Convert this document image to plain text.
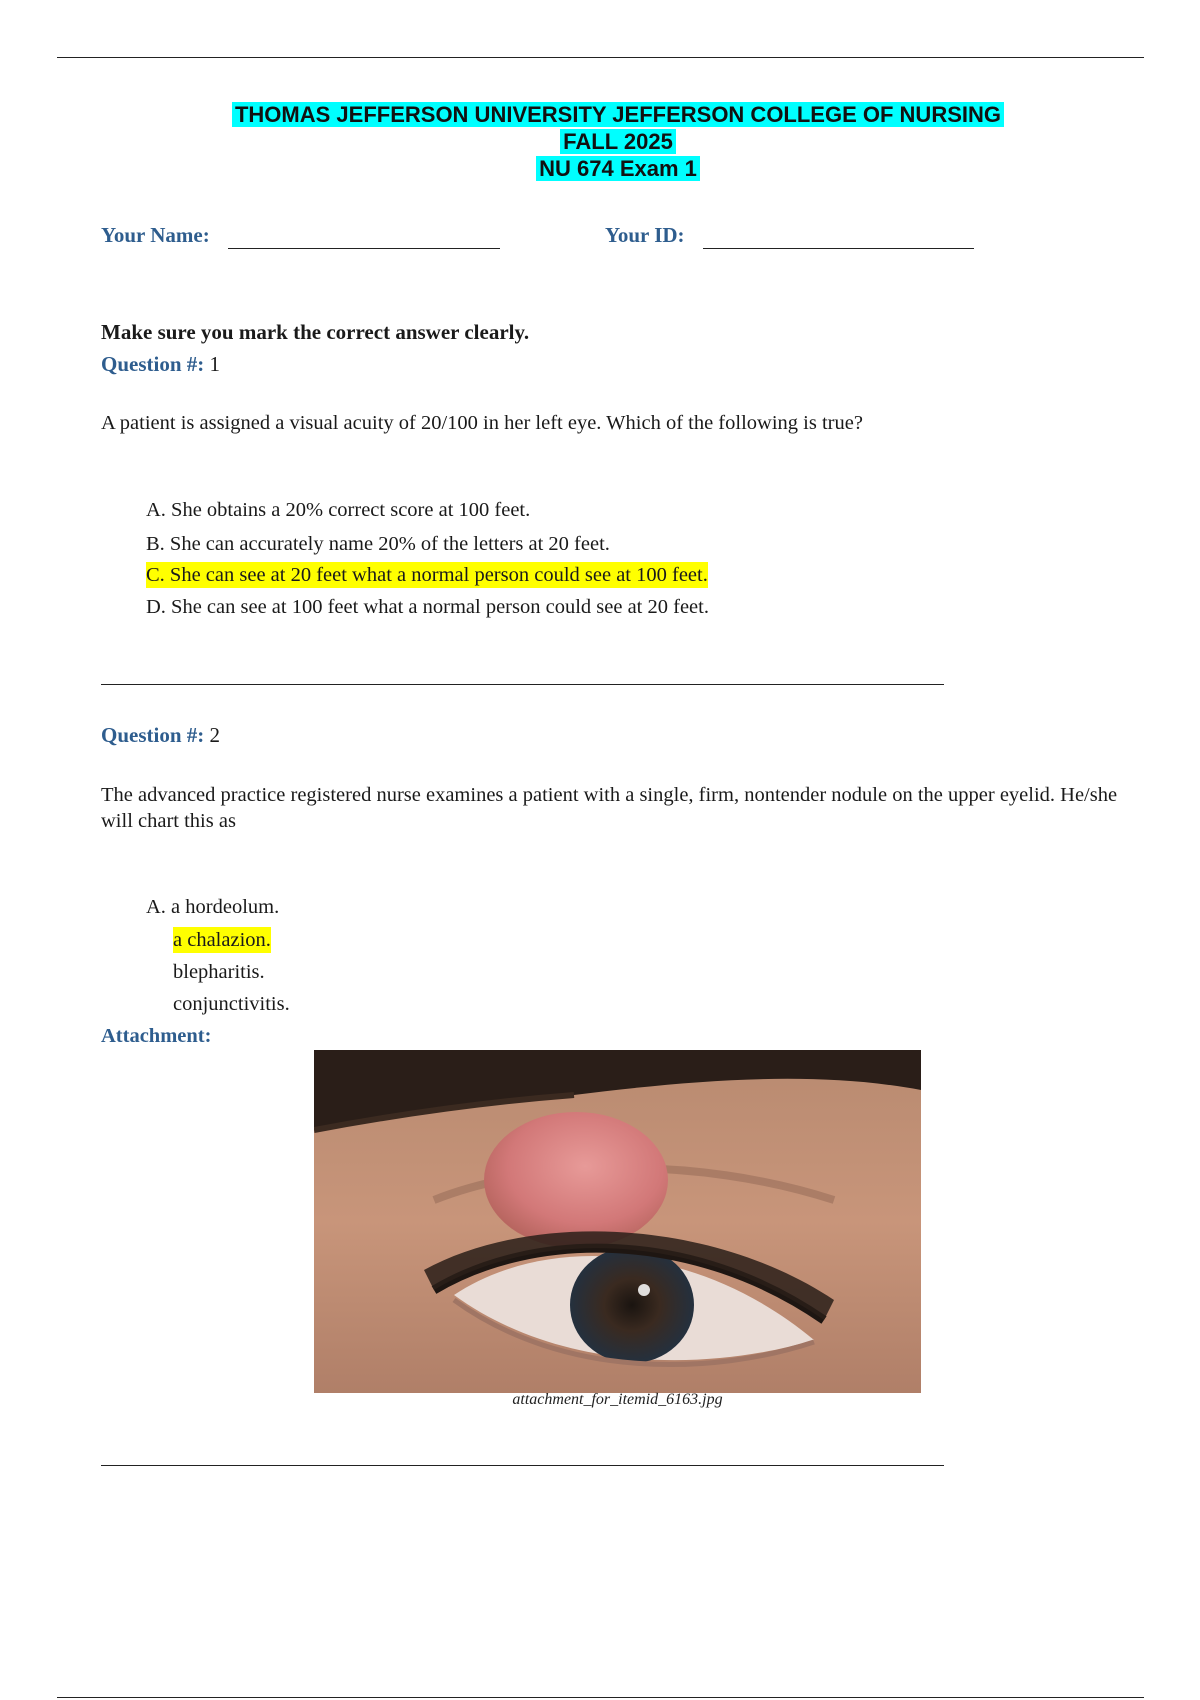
THOMAS JEFFERSON UNIVERSITY JEFFERSON COLLEGE OF NURSING
FALL 2025
NU 674 Exam 1
Your Name:	Your ID:
Make sure you mark the correct answer clearly.
Question #: 1
A patient is assigned a visual acuity of 20/100 in her left eye. Which of the following is true?
A. She obtains a 20% correct score at 100 feet.
B. She can accurately name 20% of the letters at 20 feet.
C. She can see at 20 feet what a normal person could see at 100 feet.
D. She can see at 100 feet what a normal person could see at 20 feet.
Question #: 2
The advanced practice registered nurse examines a patient with a single, firm, nontender nodule on the upper eyelid. He/she will chart this as
A. a hordeolum.
a chalazion.
blepharitis.
conjunctivitis.
Attachment:
attachment_for_itemid_6163.jpg
